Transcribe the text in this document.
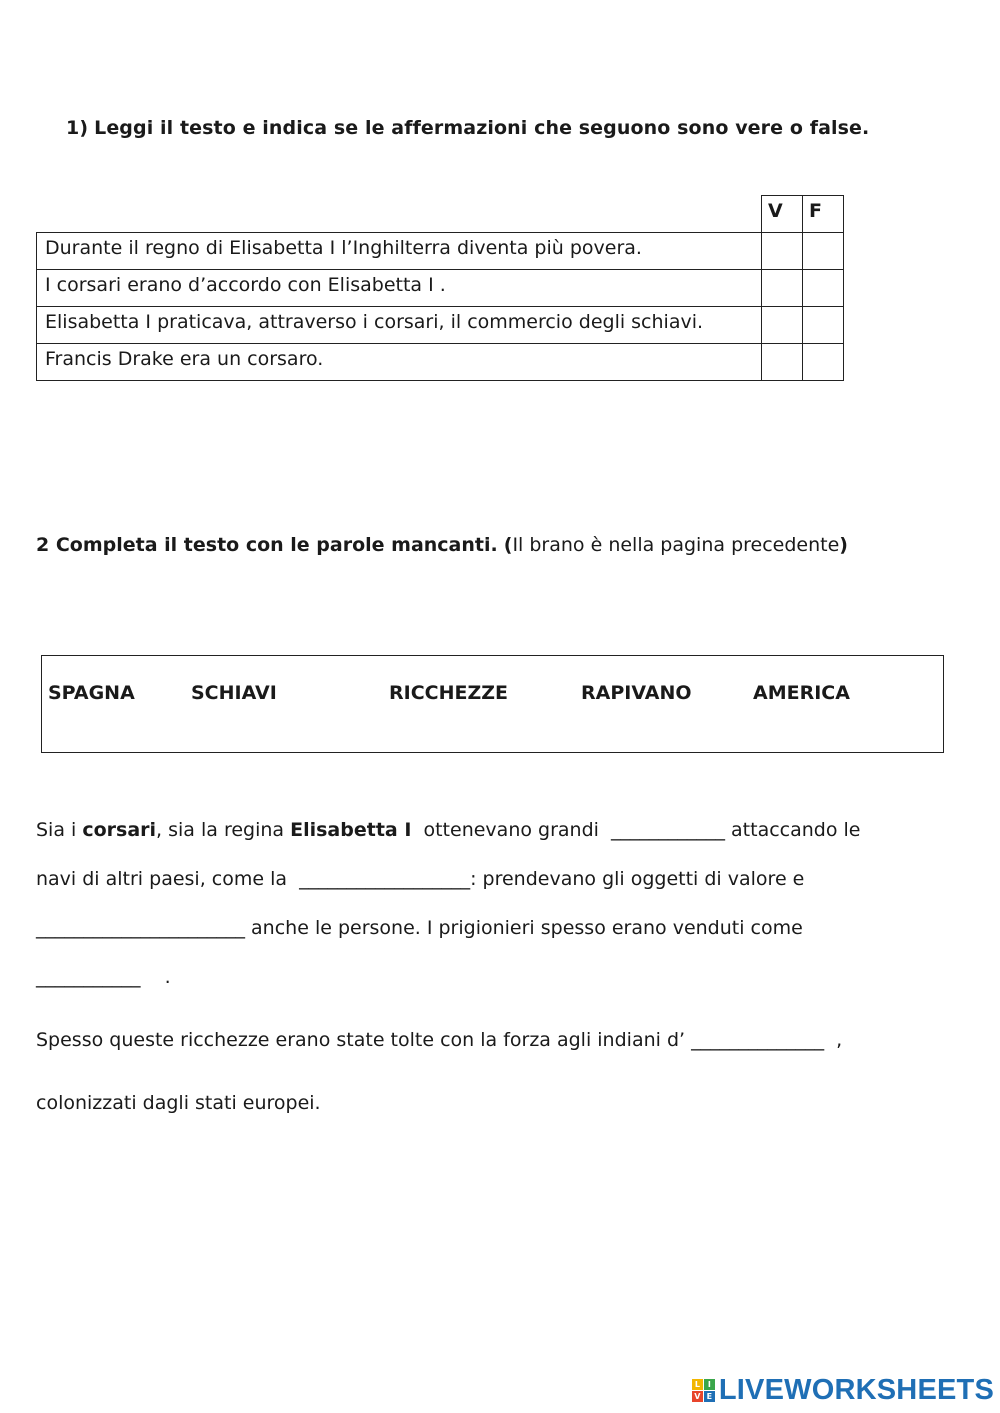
1) Leggi il testo e indica se le affermazioni che seguono sono vere o false.
	V	F
Durante il regno di Elisabetta I l’Inghilterra diventa più povera.		
I corsari erano d’accordo con Elisabetta I .		
Elisabetta I praticava, attraverso i corsari, il commercio degli schiavi.		
Francis Drake era un corsaro.		
2 Completa il testo con le parole mancanti. (Il brano è nella pagina precedente)
SPAGNA	SCHIAVI	RICCHEZZE	RAPIVANO	AMERICA
Sia i corsari, sia la regina Elisabetta I  ottenevano grandi  ____________ attaccando le
navi di altri paesi, come la  __________________: prendevano gli oggetti di valore e
______________________ anche le persone. I prigionieri spesso erano venduti come
___________    .
Spesso queste ricchezze erano state tolte con la forza agli indiani d’ ______________  ,
colonizzati dagli stati europei.
L I
V E LIVEWORKSHEETS
